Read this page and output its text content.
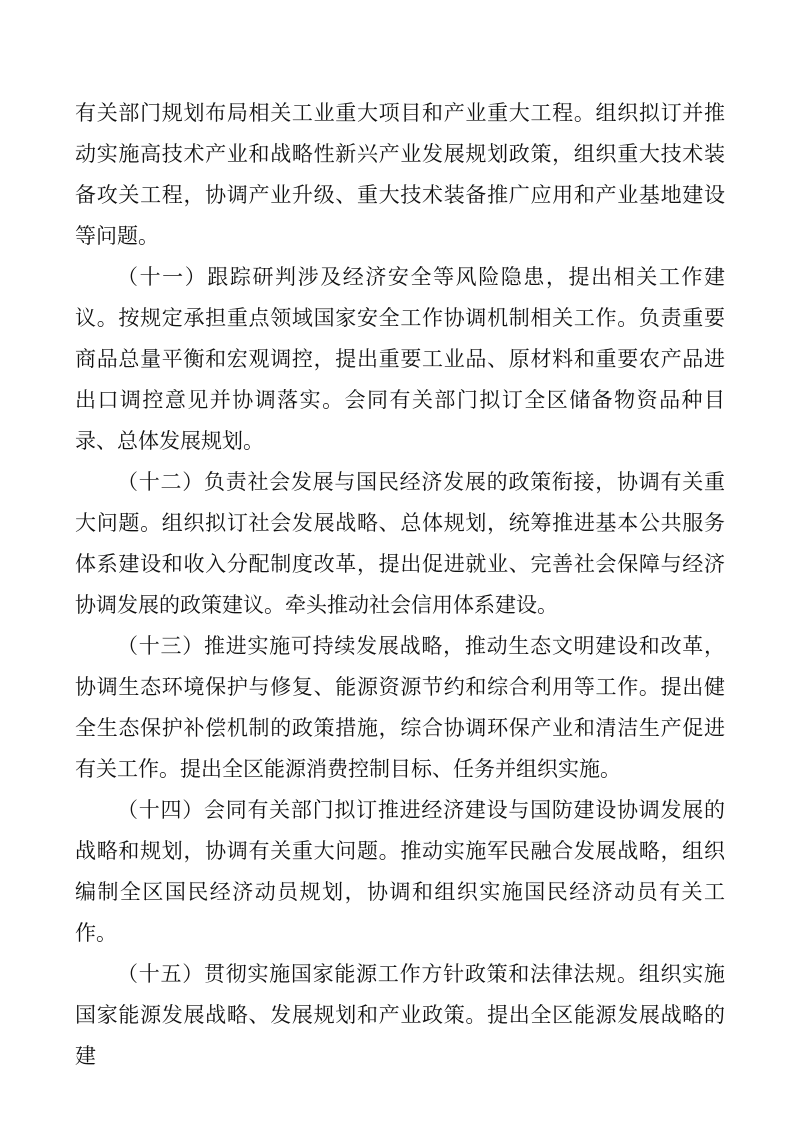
有关部门规划布局相关工业重大项目和产业重大工程。组织拟订并推动实施高技术产业和战略性新兴产业发展规划政策，组织重大技术装备攻关工程，协调产业升级、重大技术装备推广应用和产业基地建设等问题。

（十一）跟踪研判涉及经济安全等风险隐患，提出相关工作建议。按规定承担重点领域国家安全工作协调机制相关工作。负责重要商品总量平衡和宏观调控，提出重要工业品、原材料和重要农产品进出口调控意见并协调落实。会同有关部门拟订全区储备物资品种目录、总体发展规划。

（十二）负责社会发展与国民经济发展的政策衔接，协调有关重大问题。组织拟订社会发展战略、总体规划，统筹推进基本公共服务体系建设和收入分配制度改革，提出促进就业、完善社会保障与经济协调发展的政策建议。牵头推动社会信用体系建设。

（十三）推进实施可持续发展战略，推动生态文明建设和改革，协调生态环境保护与修复、能源资源节约和综合利用等工作。提出健全生态保护补偿机制的政策措施，综合协调环保产业和清洁生产促进有关工作。提出全区能源消费控制目标、任务并组织实施。

（十四）会同有关部门拟订推进经济建设与国防建设协调发展的战略和规划，协调有关重大问题。推动实施军民融合发展战略，组织编制全区国民经济动员规划，协调和组织实施国民经济动员有关工作。

（十五）贯彻实施国家能源工作方针政策和法律法规。组织实施国家能源发展战略、发展规划和产业政策。提出全区能源发展战略的建
